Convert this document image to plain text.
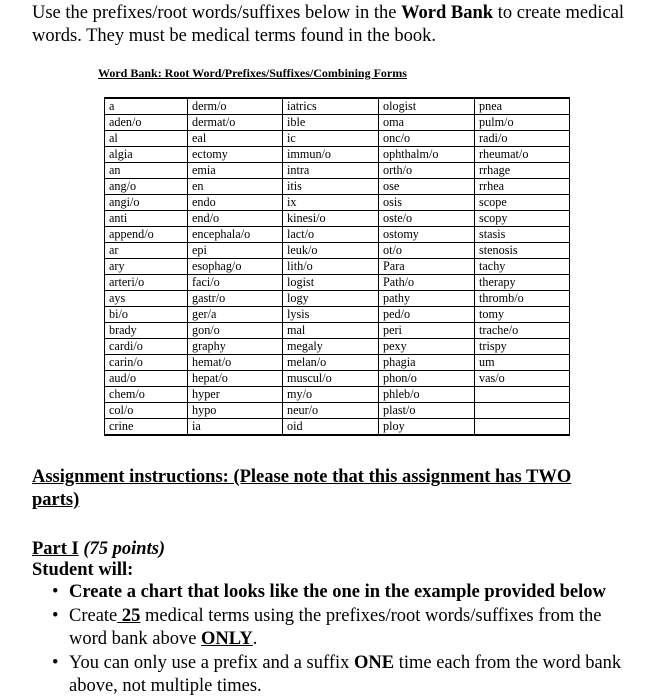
Use the prefixes/root words/suffixes below in the Word Bank to create medical words. They must be medical terms found in the book.
Word Bank: Root Word/Prefixes/Suffixes/Combining Forms
a	derm/o	iatrics	ologist	pnea
aden/o	dermat/o	ible	oma	pulm/o
al	eal	ic	onc/o	radi/o
algia	ectomy	immun/o	ophthalm/o	rheumat/o
an	emia	intra	orth/o	rrhage
ang/o	en	itis	ose	rrhea
angi/o	endo	ix	osis	scope
anti	end/o	kinesi/o	oste/o	scopy
append/o	encephala/o	lact/o	ostomy	stasis
ar	epi	leuk/o	ot/o	stenosis
ary	esophag/o	lith/o	Para	tachy
arteri/o	faci/o	logist	Path/o	therapy
ays	gastr/o	logy	pathy	thromb/o
bi/o	ger/a	lysis	ped/o	tomy
brady	gon/o	mal	peri	trache/o
cardi/o	graphy	megaly	pexy	trispy
carin/o	hemat/o	melan/o	phagia	um
aud/o	hepat/o	muscul/o	phon/o	vas/o
chem/o	hyper	my/o	phleb/o	
col/o	hypo	neur/o	plast/o	
crine	ia	oid	ploy	
Assignment instructions: (Please note that this assignment has TWO parts)
Part I (75 points)
Student will:
• Create a chart that looks like the one in the example provided below
• Create 25 medical terms using the prefixes/root words/suffixes from the word bank above ONLY.
• You can only use a prefix and a suffix ONE time each from the word bank above, not multiple times.
